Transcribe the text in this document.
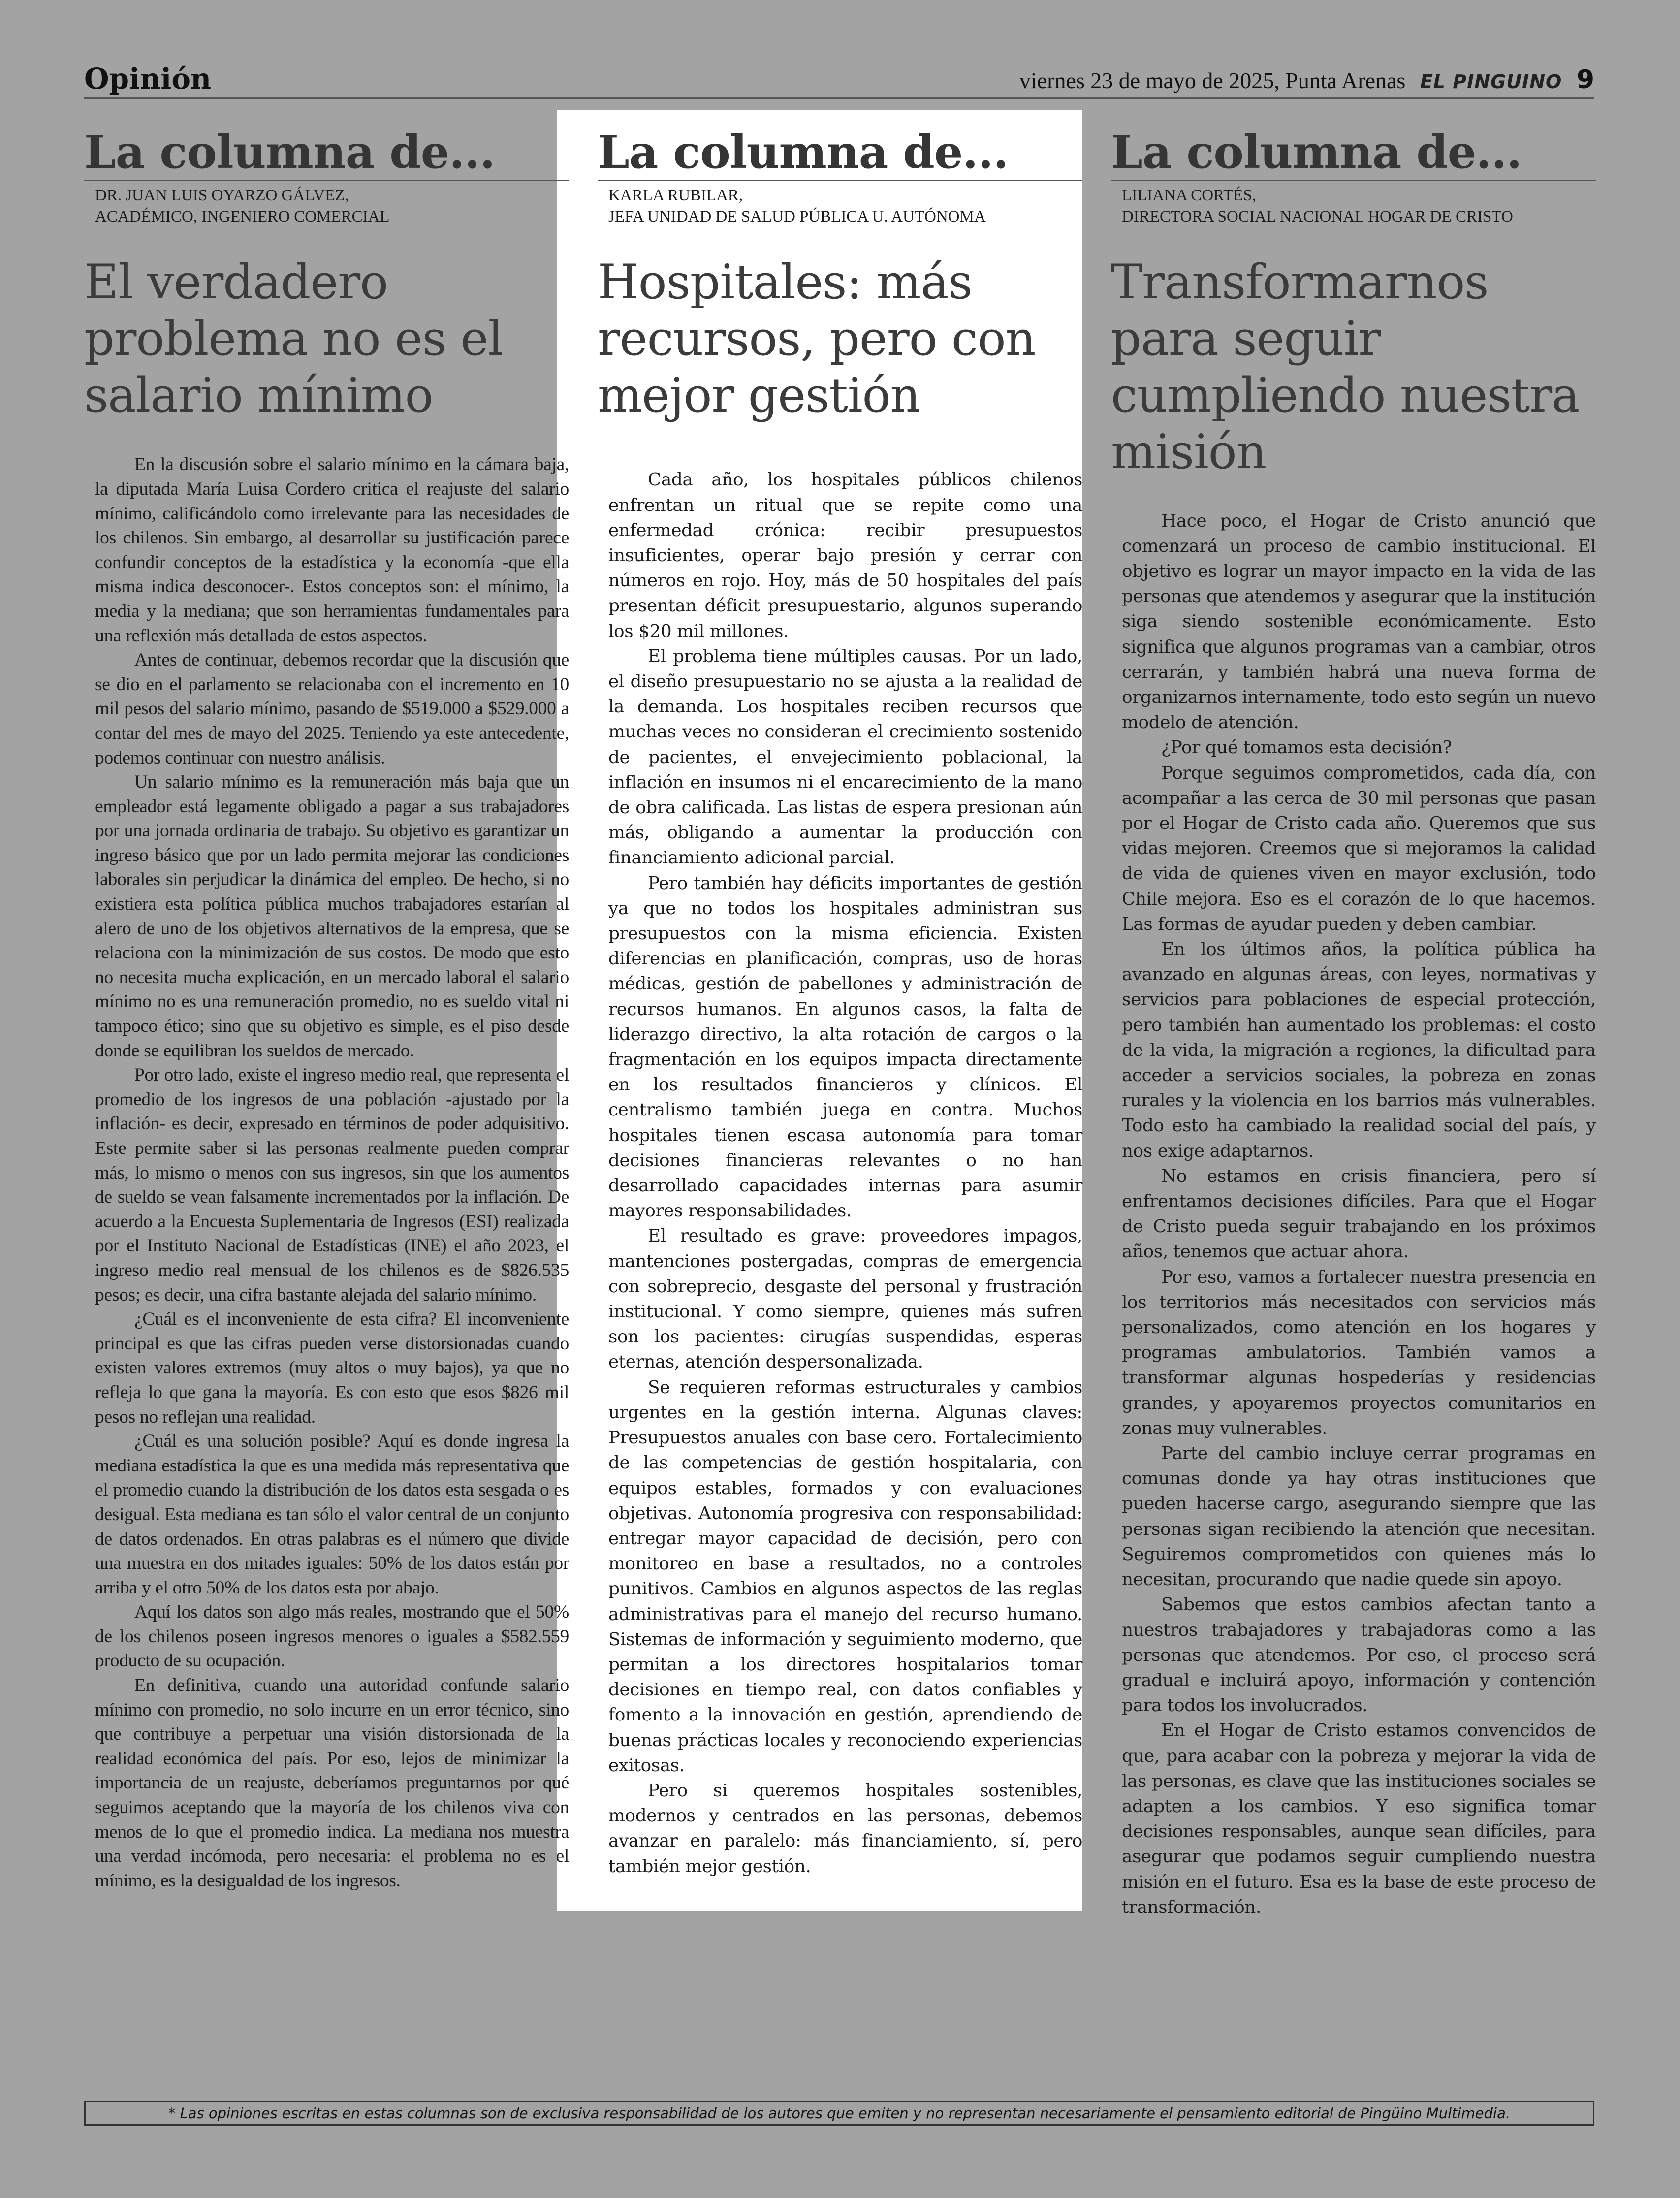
Opinión	viernes 23 de mayo de 2025, Punta Arenas EL PINGUINO 9
La columna de...
DR. JUAN LUIS OYARZO GÁLVEZ,
ACADÉMICO, INGENIERO COMERCIAL
El verdadero problema no es el salario mínimo

En la discusión sobre el salario mínimo en la cámara baja, la diputada María Luisa Cordero critica el reajuste del salario mínimo, calificándolo como irrelevante para las necesidades de los chilenos. Sin embargo, al desarrollar su justificación parece confundir conceptos de la estadística y la economía -que ella misma indica desconocer-. Estos conceptos son: el mínimo, la media y la mediana; que son herramientas fundamentales para una reflexión más detallada de estos aspectos.

Antes de continuar, debemos recordar que la discusión que se dio en el parlamento se relacionaba con el incremento en 10 mil pesos del salario mínimo, pasando de $519.000 a $529.000 a contar del mes de mayo del 2025. Teniendo ya este antecedente, podemos continuar con nuestro análisis.

Un salario mínimo es la remuneración más baja que un empleador está legamente obligado a pagar a sus trabajadores por una jornada ordinaria de trabajo. Su objetivo es garantizar un ingreso básico que por un lado permita mejorar las condiciones laborales sin perjudicar la dinámica del empleo. De hecho, si no existiera esta política pública muchos trabajadores estarían al alero de uno de los objetivos alternativos de la empresa, que se relaciona con la minimización de sus costos. De modo que esto no necesita mucha explicación, en un mercado laboral el salario mínimo no es una remuneración promedio, no es sueldo vital ni tampoco ético; sino que su objetivo es simple, es el piso desde donde se equilibran los sueldos de mercado.

Por otro lado, existe el ingreso medio real, que representa el promedio de los ingresos de una población -ajustado por la inflación- es decir, expresado en términos de poder adquisitivo. Este permite saber si las personas realmente pueden comprar más, lo mismo o menos con sus ingresos, sin que los aumentos de sueldo se vean falsamente incrementados por la inflación. De acuerdo a la Encuesta Suplementaria de Ingresos (ESI) realizada por el Instituto Nacional de Estadísticas (INE) el año 2023, el ingreso medio real mensual de los chilenos es de $826.535 pesos; es decir, una cifra bastante alejada del salario mínimo.

¿Cuál es el inconveniente de esta cifra? El inconveniente principal es que las cifras pueden verse distorsionadas cuando existen valores extremos (muy altos o muy bajos), ya que no refleja lo que gana la mayoría. Es con esto que esos $826 mil pesos no reflejan una realidad.

¿Cuál es una solución posible? Aquí es donde ingresa la mediana estadística la que es una medida más representativa que el promedio cuando la distribución de los datos esta sesgada o es desigual. Esta mediana es tan sólo el valor central de un conjunto de datos ordenados. En otras palabras es el número que divide una muestra en dos mitades iguales: 50% de los datos están por arriba y el otro 50% de los datos esta por abajo.

Aquí los datos son algo más reales, mostrando que el 50% de los chilenos poseen ingresos menores o iguales a $582.559 producto de su ocupación.

En definitiva, cuando una autoridad confunde salario mínimo con promedio, no solo incurre en un error técnico, sino que contribuye a perpetuar una visión distorsionada de la realidad económica del país. Por eso, lejos de minimizar la importancia de un reajuste, deberíamos preguntarnos por qué seguimos aceptando que la mayoría de los chilenos viva con menos de lo que el promedio indica. La mediana nos muestra una verdad incómoda, pero necesaria: el problema no es el mínimo, es la desigualdad de los ingresos.

La columna de...
KARLA RUBILAR,
JEFA UNIDAD DE SALUD PÚBLICA U. AUTÓNOMA
Hospitales: más recursos, pero con mejor gestión

Cada año, los hospitales públicos chilenos enfrentan un ritual que se repite como una enfermedad crónica: recibir presupuestos insuficientes, operar bajo presión y cerrar con números en rojo. Hoy, más de 50 hospitales del país presentan déficit presupuestario, algunos superando los $20 mil millones.

El problema tiene múltiples causas. Por un lado, el diseño presupuestario no se ajusta a la realidad de la demanda. Los hospitales reciben recursos que muchas veces no consideran el crecimiento sostenido de pacientes, el envejecimiento poblacional, la inflación en insumos ni el encarecimiento de la mano de obra calificada. Las listas de espera presionan aún más, obligando a aumentar la producción con financiamiento adicional parcial.

Pero también hay déficits importantes de gestión ya que no todos los hospitales administran sus presupuestos con la misma eficiencia. Existen diferencias en planificación, compras, uso de horas médicas, gestión de pabellones y administración de recursos humanos. En algunos casos, la falta de liderazgo directivo, la alta rotación de cargos o la fragmentación en los equipos impacta directamente en los resultados financieros y clínicos. El centralismo también juega en contra. Muchos hospitales tienen escasa autonomía para tomar decisiones financieras relevantes o no han desarrollado capacidades internas para asumir mayores responsabilidades.

El resultado es grave: proveedores impagos, mantenciones postergadas, compras de emergencia con sobreprecio, desgaste del personal y frustración institucional. Y como siempre, quienes más sufren son los pacientes: cirugías suspendidas, esperas eternas, atención despersonalizada.

Se requieren reformas estructurales y cambios urgentes en la gestión interna. Algunas claves: Presupuestos anuales con base cero. Fortalecimiento de las competencias de gestión hospitalaria, con equipos estables, formados y con evaluaciones objetivas. Autonomía progresiva con responsabilidad: entregar mayor capacidad de decisión, pero con monitoreo en base a resultados, no a controles punitivos. Cambios en algunos aspectos de las reglas administrativas para el manejo del recurso humano. Sistemas de información y seguimiento moderno, que permitan a los directores hospitalarios tomar decisiones en tiempo real, con datos confiables y fomento a la innovación en gestión, aprendiendo de buenas prácticas locales y reconociendo experiencias exitosas.

Pero si queremos hospitales sostenibles, modernos y centrados en las personas, debemos avanzar en paralelo: más financiamiento, sí, pero también mejor gestión.

La columna de...
LILIANA CORTÉS,
DIRECTORA SOCIAL NACIONAL HOGAR DE CRISTO
Transformarnos para seguir cumpliendo nuestra misión

Hace poco, el Hogar de Cristo anunció que comenzará un proceso de cambio institucional. El objetivo es lograr un mayor impacto en la vida de las personas que atendemos y asegurar que la institución siga siendo sostenible económicamente. Esto significa que algunos programas van a cambiar, otros cerrarán, y también habrá una nueva forma de organizarnos internamente, todo esto según un nuevo modelo de atención.

¿Por qué tomamos esta decisión?

Porque seguimos comprometidos, cada día, con acompañar a las cerca de 30 mil personas que pasan por el Hogar de Cristo cada año. Queremos que sus vidas mejoren. Creemos que si mejoramos la calidad de vida de quienes viven en mayor exclusión, todo Chile mejora. Eso es el corazón de lo que hacemos. Las formas de ayudar pueden y deben cambiar.

En los últimos años, la política pública ha avanzado en algunas áreas, con leyes, normativas y servicios para poblaciones de especial protección, pero también han aumentado los problemas: el costo de la vida, la migración a regiones, la dificultad para acceder a servicios sociales, la pobreza en zonas rurales y la violencia en los barrios más vulnerables. Todo esto ha cambiado la realidad social del país, y nos exige adaptarnos.

No estamos en crisis financiera, pero sí enfrentamos decisiones difíciles. Para que el Hogar de Cristo pueda seguir trabajando en los próximos años, tenemos que actuar ahora.

Por eso, vamos a fortalecer nuestra presencia en los territorios más necesitados con servicios más personalizados, como atención en los hogares y programas ambulatorios. También vamos a transformar algunas hospederías y residencias grandes, y apoyaremos proyectos comunitarios en zonas muy vulnerables.

Parte del cambio incluye cerrar programas en comunas donde ya hay otras instituciones que pueden hacerse cargo, asegurando siempre que las personas sigan recibiendo la atención que necesitan. Seguiremos comprometidos con quienes más lo necesitan, procurando que nadie quede sin apoyo.

Sabemos que estos cambios afectan tanto a nuestros trabajadores y trabajadoras como a las personas que atendemos. Por eso, el proceso será gradual e incluirá apoyo, información y contención para todos los involucrados.

En el Hogar de Cristo estamos convencidos de que, para acabar con la pobreza y mejorar la vida de las personas, es clave que las instituciones sociales se adapten a los cambios. Y eso significa tomar decisiones responsables, aunque sean difíciles, para asegurar que podamos seguir cumpliendo nuestra misión en el futuro. Esa es la base de este proceso de transformación.

* Las opiniones escritas en estas columnas son de exclusiva responsabilidad de los autores que emiten y no representan necesariamente el pensamiento editorial de Pingüino Multimedia.
